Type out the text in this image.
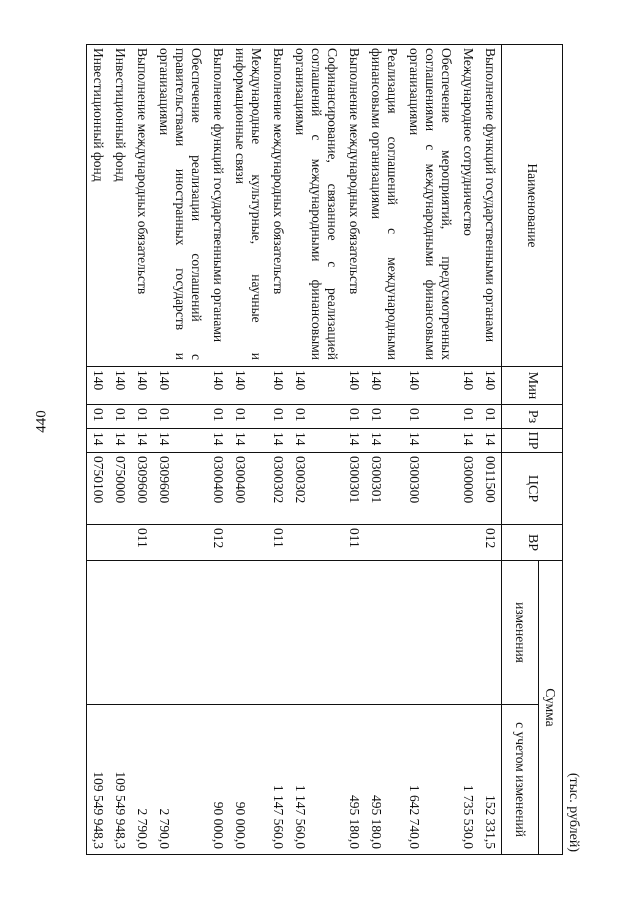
440
(тыс. рублей)
Наименование	Мин	Рз	ПР	ЦСР	ВР	Сумма	
						изменения	с учетом изменений
Выполнение функций государственными органами	140	01	14	0011500	012		152 331,5
Международное сотрудничество	140	01	14	0300000			1 735 530,0
Обеспечение мероприятий, предусмотренных соглашениями с международными финансовыми организациями	140	01	14	0300300			1 642 740,0
Реализация соглашений с международными финансовыми организациями	140	01	14	0300301			495 180,0
Выполнение международных обязательств	140	01	14	0300301	011		495 180,0
Софинансирование, связанное с реализацией соглашений с международными финансовыми организациями	140	01	14	0300302			1 147 560,0
Выполнение международных обязательств	140	01	14	0300302	011		1 147 560,0
Международные культурные, научные и информационные связи	140	01	14	0300400			90 000,0
Выполнение функций государственными органами	140	01	14	0300400	012		90 000,0
Обеспечение реализации соглашений с правительствами иностранных государств и организациями	140	01	14	0309600			2 790,0
Выполнение международных обязательств	140	01	14	0309600	011		2 790,0
Инвестиционный фонд	140	01	14	0750000			109 549 948,3
Инвестиционный фонд	140	01	14	0750100			109 549 948,3
